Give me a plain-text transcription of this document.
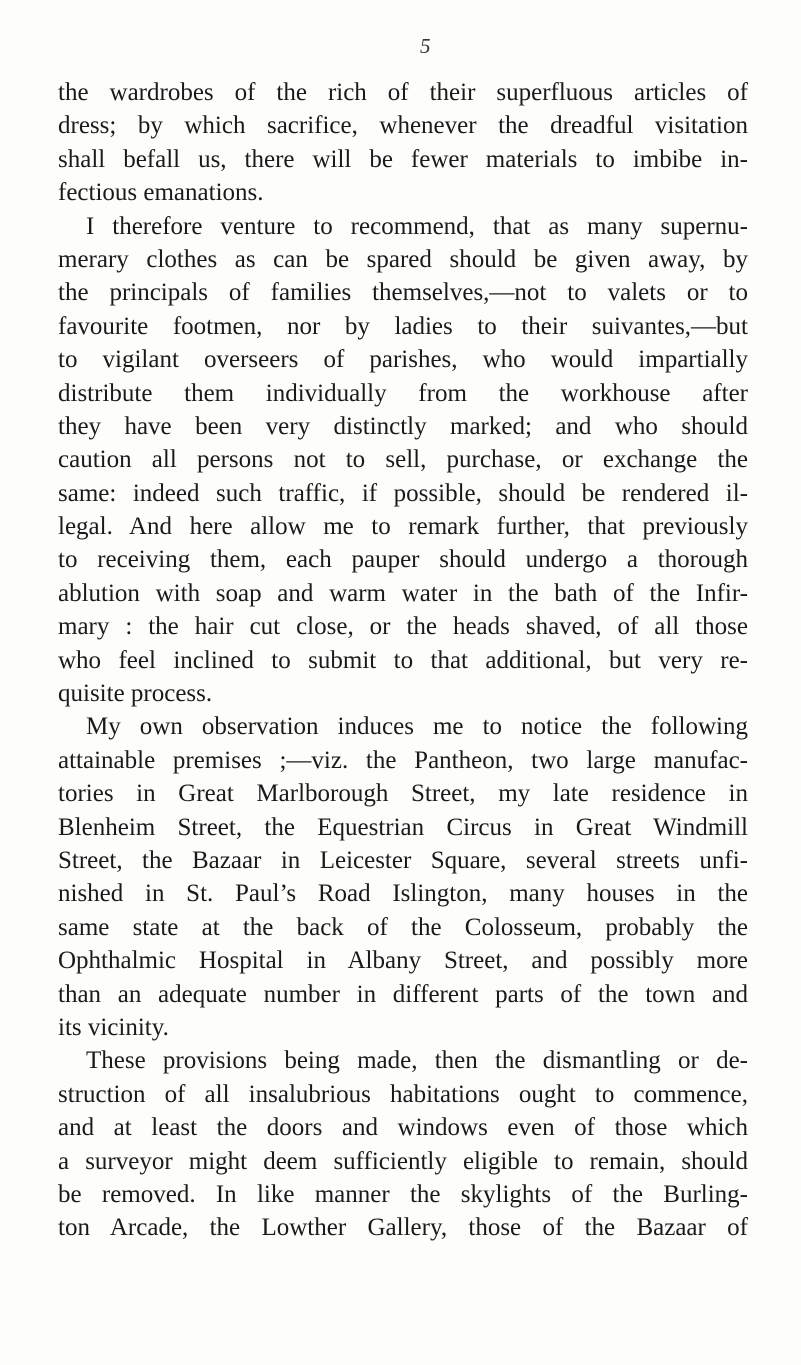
5
the wardrobes of the rich of their superfluous articles of
dress; by which sacrifice, whenever the dreadful visitation
shall befall us, there will be fewer materials to imbibe in-
fectious emanations.
I therefore venture to recommend, that as many supernu-
merary clothes as can be spared should be given away, by
the principals of families themselves,—not to valets or to
favourite footmen, nor by ladies to their suivantes,—but
to vigilant overseers of parishes, who would impartially
distribute them individually from the workhouse after
they have been very distinctly marked; and who should
caution all persons not to sell, purchase, or exchange the
same: indeed such traffic, if possible, should be rendered il-
legal. And here allow me to remark further, that previously
to receiving them, each pauper should undergo a thorough
ablution with soap and warm water in the bath of the Infir-
mary : the hair cut close, or the heads shaved, of all those
who feel inclined to submit to that additional, but very re-
quisite process.
My own observation induces me to notice the following
attainable premises ;—viz. the Pantheon, two large manufac-
tories in Great Marlborough Street, my late residence in
Blenheim Street, the Equestrian Circus in Great Windmill
Street, the Bazaar in Leicester Square, several streets unfi-
nished in St. Paul’s Road Islington, many houses in the
same state at the back of the Colosseum, probably the
Ophthalmic Hospital in Albany Street, and possibly more
than an adequate number in different parts of the town and
its vicinity.
These provisions being made, then the dismantling or de-
struction of all insalubrious habitations ought to commence,
and at least the doors and windows even of those which
a surveyor might deem sufficiently eligible to remain, should
be removed. In like manner the skylights of the Burling-
ton Arcade, the Lowther Gallery, those of the Bazaar of
